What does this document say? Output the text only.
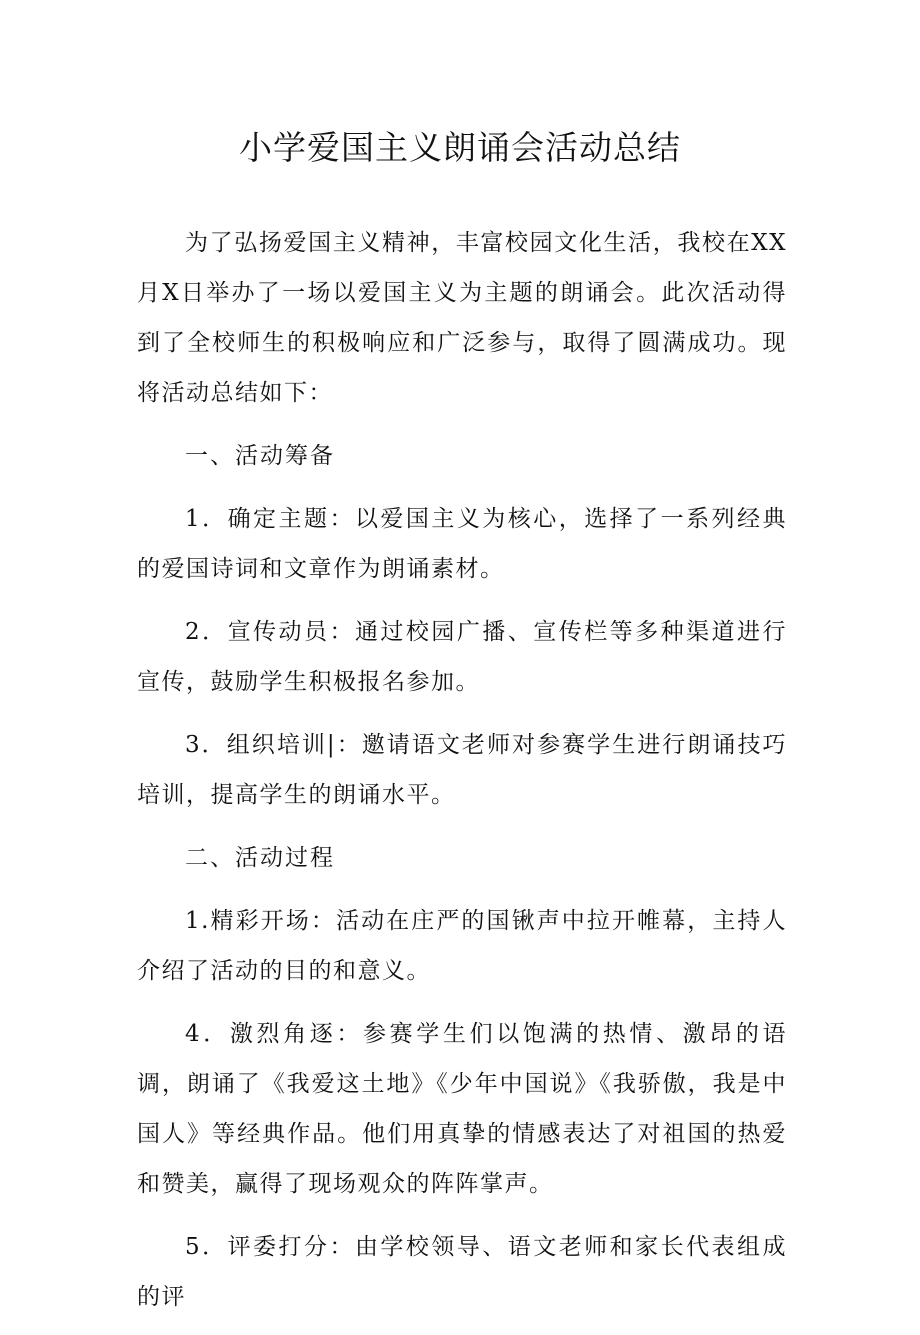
小学爱国主义朗诵会活动总结

为了弘扬爱国主义精神，丰富校园文化生活，我校在XX月X日举办了一场以爱国主义为主题的朗诵会。此次活动得到了全校师生的积极响应和广泛参与，取得了圆满成功。现将活动总结如下：

一、活动筹备

1．确定主题：以爱国主义为核心，选择了一系列经典的爱国诗词和文章作为朗诵素材。

2．宣传动员：通过校园广播、宣传栏等多种渠道进行宣传，鼓励学生积极报名参加。

3．组织培训|：邀请语文老师对参赛学生进行朗诵技巧培训，提高学生的朗诵水平。

二、活动过程

1.精彩开场：活动在庄严的国锹声中拉开帷幕，主持人介绍了活动的目的和意义。

4．激烈角逐：参赛学生们以饱满的热情、激昂的语调，朗诵了《我爱这土地》《少年中国说》《我骄傲，我是中国人》等经典作品。他们用真挚的情感表达了对祖国的热爱和赞美，赢得了现场观众的阵阵掌声。

5．评委打分：由学校领导、语文老师和家长代表组成的评
